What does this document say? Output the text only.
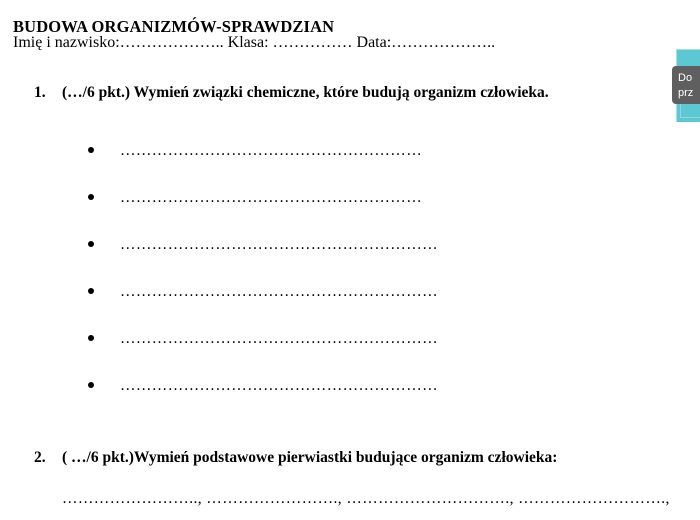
BUDOWA ORGANIZMÓW-SPRAWDZIAN
Imię i nazwisko:……………….. Klasa: …………… Data:………………..
1. (…/6 pkt.) Wymień związki chemiczne, które budują organizm człowieka.
…………………………………………………
…………………………………………………
……………………………………………………
……………………………………………………
……………………………………………………
……………………………………………………
2. ( …/6 pkt.)Wymień podstawowe pierwiastki budujące organizm człowieka:
…………………….., ……………………., …………………………., ……………………….,
Do
prz
